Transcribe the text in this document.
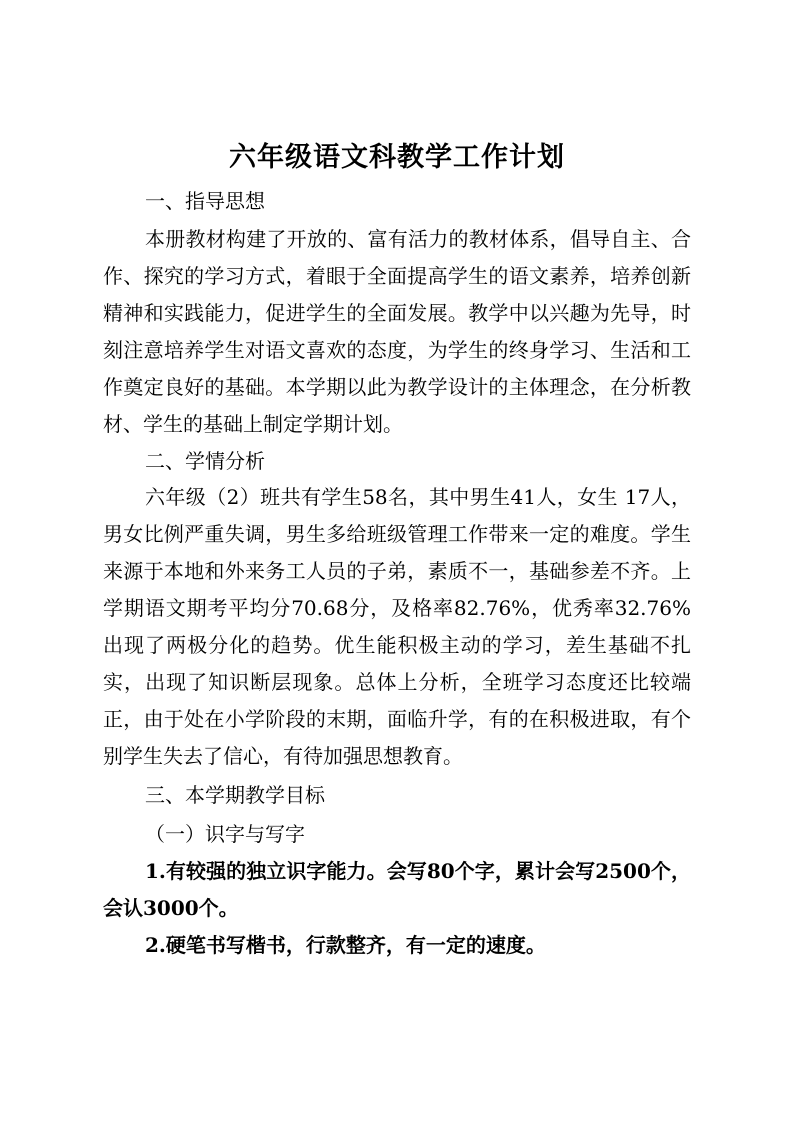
六年级语文科教学工作计划
一、指导思想

本册教材构建了开放的、富有活力的教材体系，倡导自主、合作、探究的学习方式，着眼于全面提高学生的语文素养，培养创新精神和实践能力，促进学生的全面发展。教学中以兴趣为先导，时刻注意培养学生对语文喜欢的态度，为学生的终身学习、生活和工作奠定良好的基础。本学期以此为教学设计的主体理念，在分析教材、学生的基础上制定学期计划。

二、学情分析

六年级（2）班共有学生58名，其中男生41人，女生 17人，男女比例严重失调，男生多给班级管理工作带来一定的难度。学生来源于本地和外来务工人员的子弟，素质不一，基础参差不齐。上学期语文期考平均分70.68分，及格率82.76%，优秀率32.76%出现了两极分化的趋势。优生能积极主动的学习，差生基础不扎实，出现了知识断层现象。总体上分析，全班学习态度还比较端正，由于处在小学阶段的末期，面临升学，有的在积极进取，有个别学生失去了信心，有待加强思想教育。

三、本学期教学目标

（一）识字与写字

1.有较强的独立识字能力。会写80个字，累计会写2500个，会认3000个。

2.硬笔书写楷书，行款整齐，有一定的速度。
